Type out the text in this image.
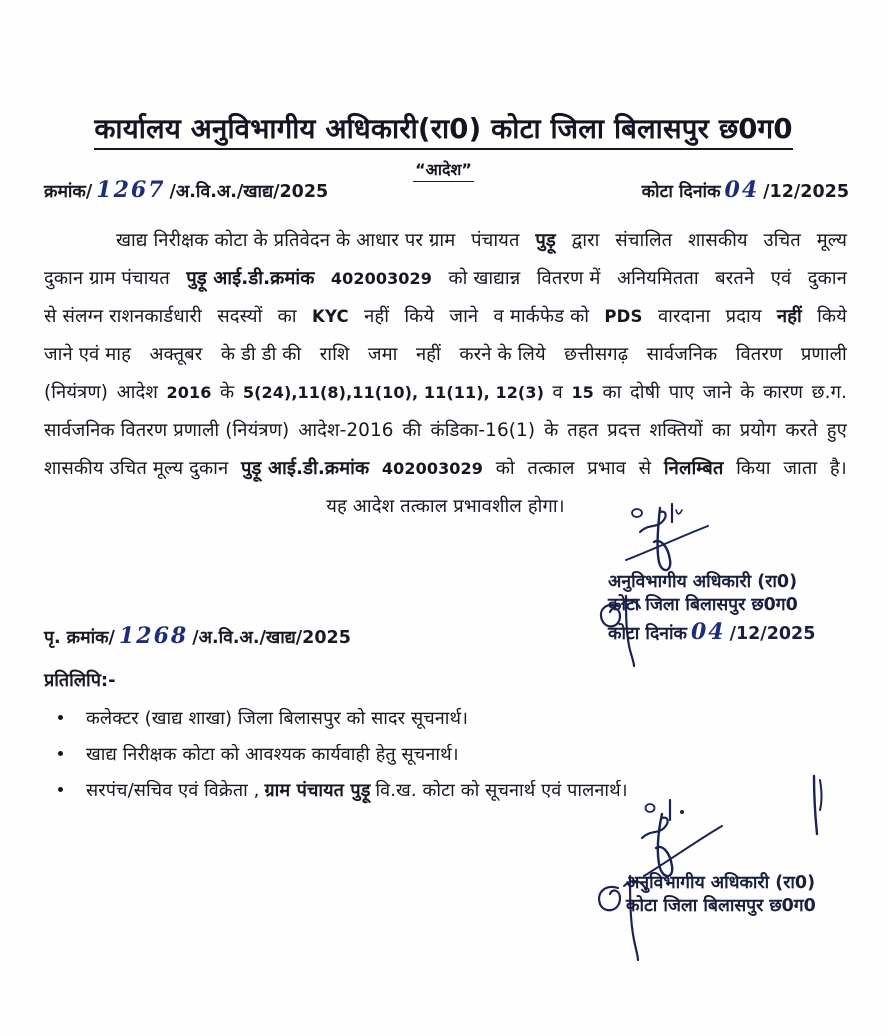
कार्यालय अनुविभागीय अधिकारी(रा0) कोटा जिला बिलासपुर छ0ग0
“आदेश”
क्रमांक/ 1267 /अ.वि.अ./खाद्य/2025	कोटा दिनांक 04 /12/2025
खाद्य निरीक्षक कोटा के प्रतिवेदन के आधार पर ग्राम पंचायत पुड़ू द्वारा संचालित शासकीय उचित मूल्य
दुकान ग्राम पंचायत पुड़ू आई.डी.क्रमांक 402003029 को खाद्यान्न वितरण में अनियमितता बरतने एवं दुकान
से संलग्न राशनकार्डधारी सदस्यों का KYC नहीं किये जाने व मार्कफेड को PDS वारदाना प्रदाय नहीं किये
जाने एवं माह अक्तूबर के डी डी की राशि जमा नहीं करने के लिये छत्तीसगढ़ सार्वजनिक वितरण प्रणाली
(नियंत्रण) आदेश 2016 के 5(24),11(8),11(10), 11(11), 12(3) व 15 का दोषी पाए जाने के कारण छ.ग.
सार्वजनिक वितरण प्रणाली (नियंत्रण) आदेश-2016 की कंडिका-16(1) के तहत प्रदत्त शक्तियों का प्रयोग करते हुए
शासकीय उचित मूल्य दुकान पुड़ू आई.डी.क्रमांक 402003029 को तत्काल प्रभाव से निलम्बित किया जाता है।
यह आदेश तत्काल प्रभावशील होगा।
अनुविभागीय अधिकारी (रा0)
कोटा जिला बिलासपुर छ0ग0
कोटा दिनांक 04 /12/2025
पृ. क्रमांक/ 1268 /अ.वि.अ./खाद्य/2025
प्रतिलिपि:-
कलेक्टर (खाद्य शाखा) जिला बिलासपुर को सादर सूचनार्थ।
खाद्य निरीक्षक कोटा को आवश्यक कार्यवाही हेतु सूचनार्थ।
सरपंच/सचिव एवं विक्रेता , ग्राम पंचायत पुड़ू वि.ख. कोटा को सूचनार्थ एवं पालनार्थ।
अनुविभागीय अधिकारी (रा0)
कोटा जिला बिलासपुर छ0ग0
